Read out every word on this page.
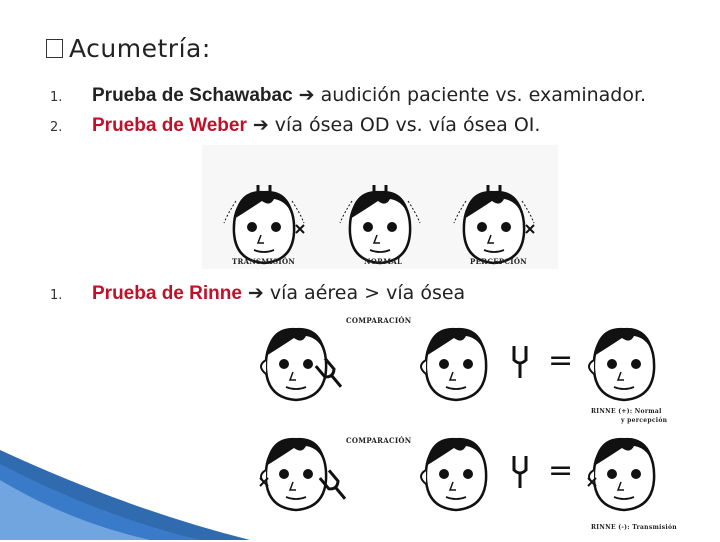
Acumetría:
1. Prueba de Schawabac ➔ audición paciente vs. examinador.
2. Prueba de Weber ➔ vía ósea OD vs. vía ósea OI.
1. Prueba de Rinne ➔ vía aérea > vía ósea
TRANSMISIÓN	NORMAL	PERCEPCIÓN
=
=
COMPARACIÓN
RINNE (+): Normal
y percepción
COMPARACIÓN
RINNE (-): Transmisión
